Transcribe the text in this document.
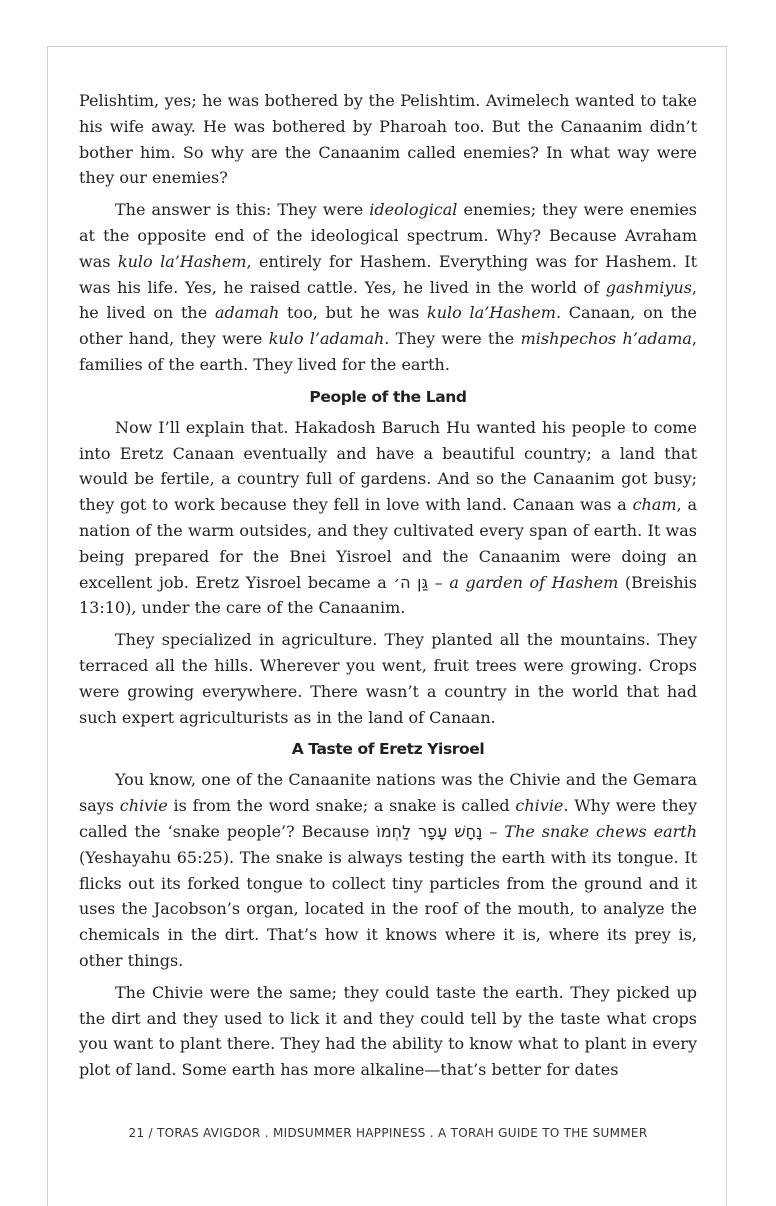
Pelishtim, yes; he was bothered by the Pelishtim. Avimelech wanted to take his wife away. He was bothered by Pharoah too. But the Canaanim didn’t bother him. So why are the Canaanim called enemies? In what way were they our enemies?

The answer is this: They were ideological enemies; they were enemies at the opposite end of the ideological spectrum. Why? Because Avraham was kulo la’Hashem, entirely for Hashem. Everything was for Hashem. It was his life. Yes, he raised cattle. Yes, he lived in the world of gashmiyus, he lived on the adamah too, but he was kulo la’Hashem. Canaan, on the other hand, they were kulo l’adamah. They were the mishpechos h’adama, families of the earth. They lived for the earth.

People of the Land

Now I’ll explain that. Hakadosh Baruch Hu wanted his people to come into Eretz Canaan eventually and have a beautiful country; a land that would be fertile, a country full of gardens. And so the Canaanim got busy; they got to work because they fell in love with land. Canaan was a cham, a nation of the warm outsides, and they cultivated every span of earth. It was being prepared for the Bnei Yisroel and the Canaanim were doing an excellent job. Eretz Yisroel became a גַּן ה׳ – a garden of Hashem (Breishis 13:10), under the care of the Canaanim.

They specialized in agriculture. They planted all the mountains. They terraced all the hills. Wherever you went, fruit trees were growing. Crops were growing everywhere. There wasn’t a country in the world that had such expert agriculturists as in the land of Canaan.

A Taste of Eretz Yisroel

You know, one of the Canaanite nations was the Chivie and the Gemara says chivie is from the word snake; a snake is called chivie. Why were they called the ‘snake people’? Because נָחָשׁ עָפָר לַחְמוֹ – The snake chews earth (Yeshayahu 65:25). The snake is always testing the earth with its tongue. It flicks out its forked tongue to collect tiny particles from the ground and it uses the Jacobson’s organ, located in the roof of the mouth, to analyze the chemicals in the dirt. That’s how it knows where it is, where its prey is, other things.

The Chivie were the same; they could taste the earth. They picked up the dirt and they used to lick it and they could tell by the taste what crops you want to plant there. They had the ability to know what to plant in every plot of land. Some earth has more alkaline—that’s better for dates

21 / TORAS AVIGDOR . MIDSUMMER HAPPINESS . A TORAH GUIDE TO THE SUMMER
